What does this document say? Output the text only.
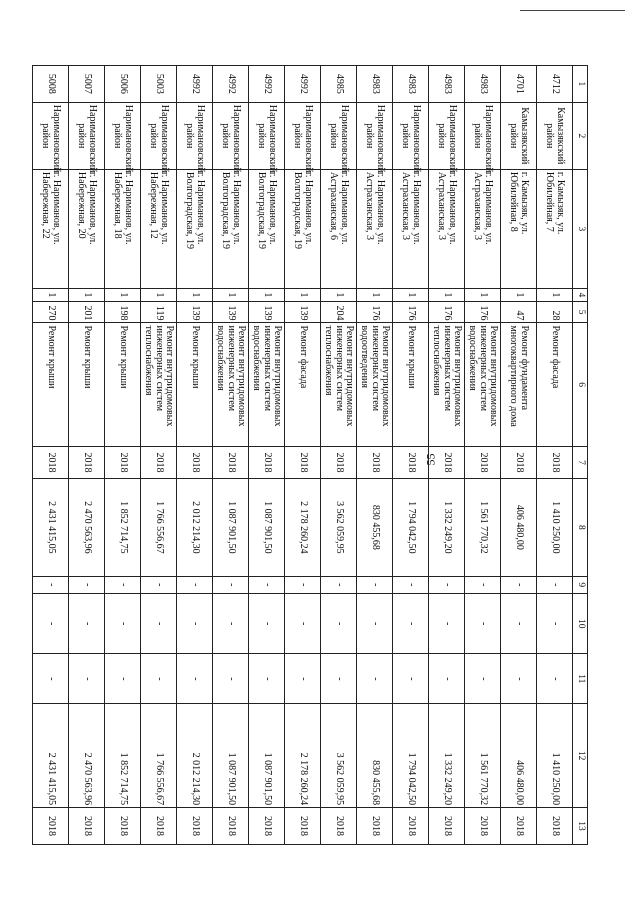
55
1	2	3	4	5	6	7	8	9	10	11	12	13
4712	Камызякский район	г. Камызяк, ул. Юбилейная, 7	1	28	Ремонт фасада	2018	1 410 250,00	-	-	-	1 410 250,00	2018
4701	Камызякский район	г. Камызяк, ул. Юбилейная, 8	1	47	Ремонт фундамента многоквартирного дома	2018	406 480,00	-	-	-	406 480,00	2018
4983	Наримановский район	г. Нариманов, ул. Астраханская, 3	1	176	Ремонт внутридомовых инженерных систем водоснабжения	2018	1 561 770,32	-	-	-	1 561 770,32	2018
4983	Наримановский район	г. Нариманов, ул. Астраханская, 3	1	176	Ремонт внутридомовых инженерных систем теплоснабжения	2018	1 332 249,20	-	-	-	1 332 249,20	2018
4983	Наримановский район	г. Нариманов, ул. Астраханская, 3	1	176	Ремонт крыши	2018	1 794 042,50	-	-	-	1 794 042,50	2018
4983	Наримановский район	г. Нариманов, ул. Астраханская, 3	1	176	Ремонт внутридомовых инженерных систем водоотведения	2018	830 455,68	-	-	-	830 455,68	2018
4985	Наримановский район	г. Нариманов, ул. Астраханская, 6	1	204	Ремонт внутридомовых инженерных систем теплоснабжения	2018	3 562 059,95	-	-	-	3 562 059,95	2018
4992	Наримановский район	г. Нариманов, ул. Волгоградская, 19	1	139	Ремонт фасада	2018	2 178 260,24	-	-	-	2 178 260,24	2018
4992	Наримановский район	г. Нариманов, ул. Волгоградская, 19	1	139	Ремонт внутридомовых инженерных систем водоснабжения	2018	1 087 901,50	-	-	-	1 087 901,50	2018
4992	Наримановский район	г. Нариманов, ул. Волгоградская, 19	1	139	Ремонт внутридомовых инженерных систем водоснабжения	2018	1 087 901,50	-	-	-	1 087 901,50	2018
4992	Наримановский район	г. Нариманов, ул. Волгоградская, 19	1	139	Ремонт крыши	2018	2 012 214,30	-	-	-	2 012 214,30	2018
5003	Наримановский район	г. Нариманов, ул. Набережная, 12	1	119	Ремонт внутридомовых инженерных систем теплоснабжения	2018	1 766 556,67	-	-	-	1 766 556,67	2018
5006	Наримановский район	г. Нариманов, ул. Набережная, 18	1	198	Ремонт крыши	2018	1 852 714,75	-	-	-	1 852 714,75	2018
5007	Наримановский район	г. Нариманов, ул. Набережная, 20	1	201	Ремонт крыши	2018	2 470 563,96	-	-	-	2 470 563,96	2018
5008	Наримановский район	г. Нариманов, ул. Набережная, 22	1	270	Ремонт крыши	2018	2 431 415,05	-	-	-	2 431 415,05	2018
